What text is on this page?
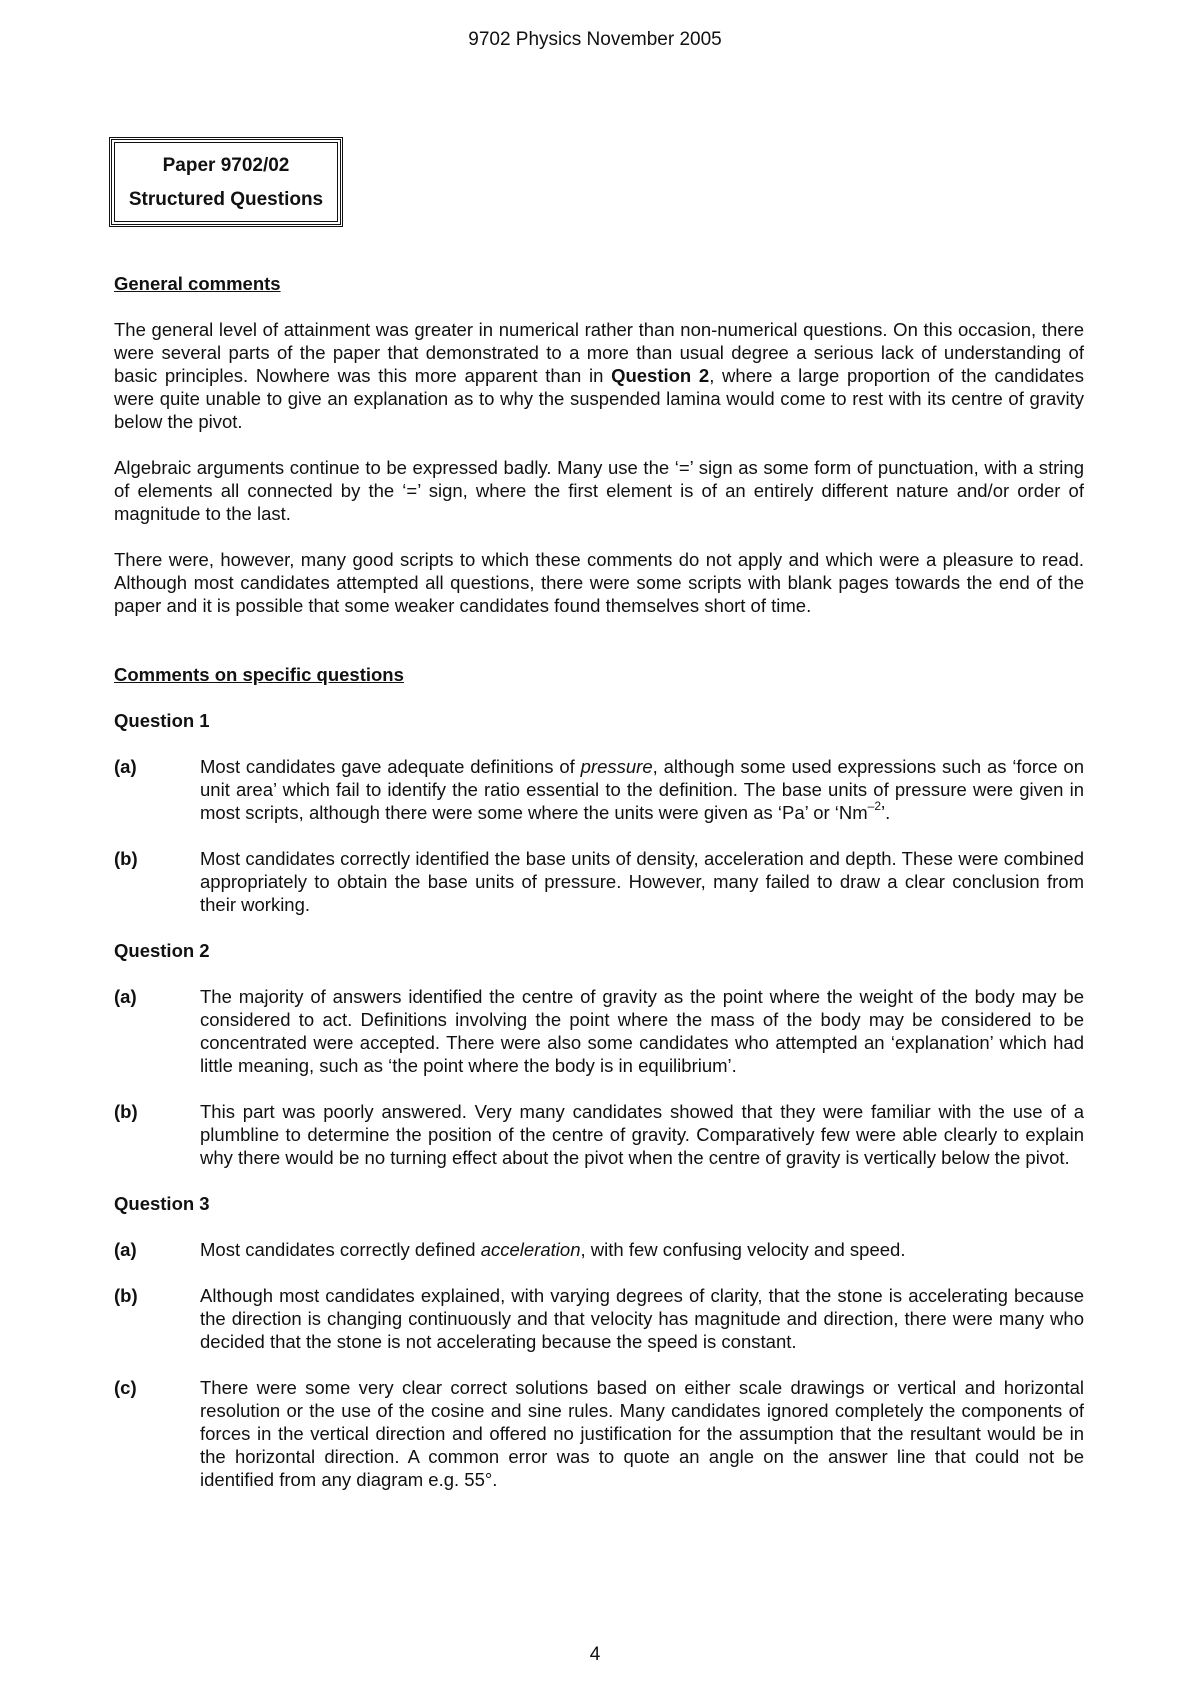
9702 Physics November 2005
Paper 9702/02
Structured Questions

General comments

The general level of attainment was greater in numerical rather than non-numerical questions. On this occasion, there were several parts of the paper that demonstrated to a more than usual degree a serious lack of understanding of basic principles. Nowhere was this more apparent than in Question 2, where a large proportion of the candidates were quite unable to give an explanation as to why the suspended lamina would come to rest with its centre of gravity below the pivot.

Algebraic arguments continue to be expressed badly. Many use the ‘=’ sign as some form of punctuation, with a string of elements all connected by the ‘=’ sign, where the first element is of an entirely different nature and/or order of magnitude to the last.

There were, however, many good scripts to which these comments do not apply and which were a pleasure to read. Although most candidates attempted all questions, there were some scripts with blank pages towards the end of the paper and it is possible that some weaker candidates found themselves short of time.

Comments on specific questions

Question 1

(a)	Most candidates gave adequate definitions of pressure, although some used expressions such as ‘force on unit area’ which fail to identify the ratio essential to the definition. The base units of pressure were given in most scripts, although there were some where the units were given as ‘Pa’ or ‘$Nm^{-2}$’.

(b)	Most candidates correctly identified the base units of density, acceleration and depth. These were combined appropriately to obtain the base units of pressure. However, many failed to draw a clear conclusion from their working.

Question 2

(a)	The majority of answers identified the centre of gravity as the point where the weight of the body may be considered to act. Definitions involving the point where the mass of the body may be considered to be concentrated were accepted. There were also some candidates who attempted an ‘explanation’ which had little meaning, such as ‘the point where the body is in equilibrium’.

(b)	This part was poorly answered. Very many candidates showed that they were familiar with the use of a plumbline to determine the position of the centre of gravity. Comparatively few were able clearly to explain why there would be no turning effect about the pivot when the centre of gravity is vertically below the pivot.

Question 3

(a)	Most candidates correctly defined acceleration, with few confusing velocity and speed.

(b)	Although most candidates explained, with varying degrees of clarity, that the stone is accelerating because the direction is changing continuously and that velocity has magnitude and direction, there were many who decided that the stone is not accelerating because the speed is constant.

(c)	There were some very clear correct solutions based on either scale drawings or vertical and horizontal resolution or the use of the cosine and sine rules. Many candidates ignored completely the components of forces in the vertical direction and offered no justification for the assumption that the resultant would be in the horizontal direction. A common error was to quote an angle on the answer line that could not be identified from any diagram e.g. 55°.

4
